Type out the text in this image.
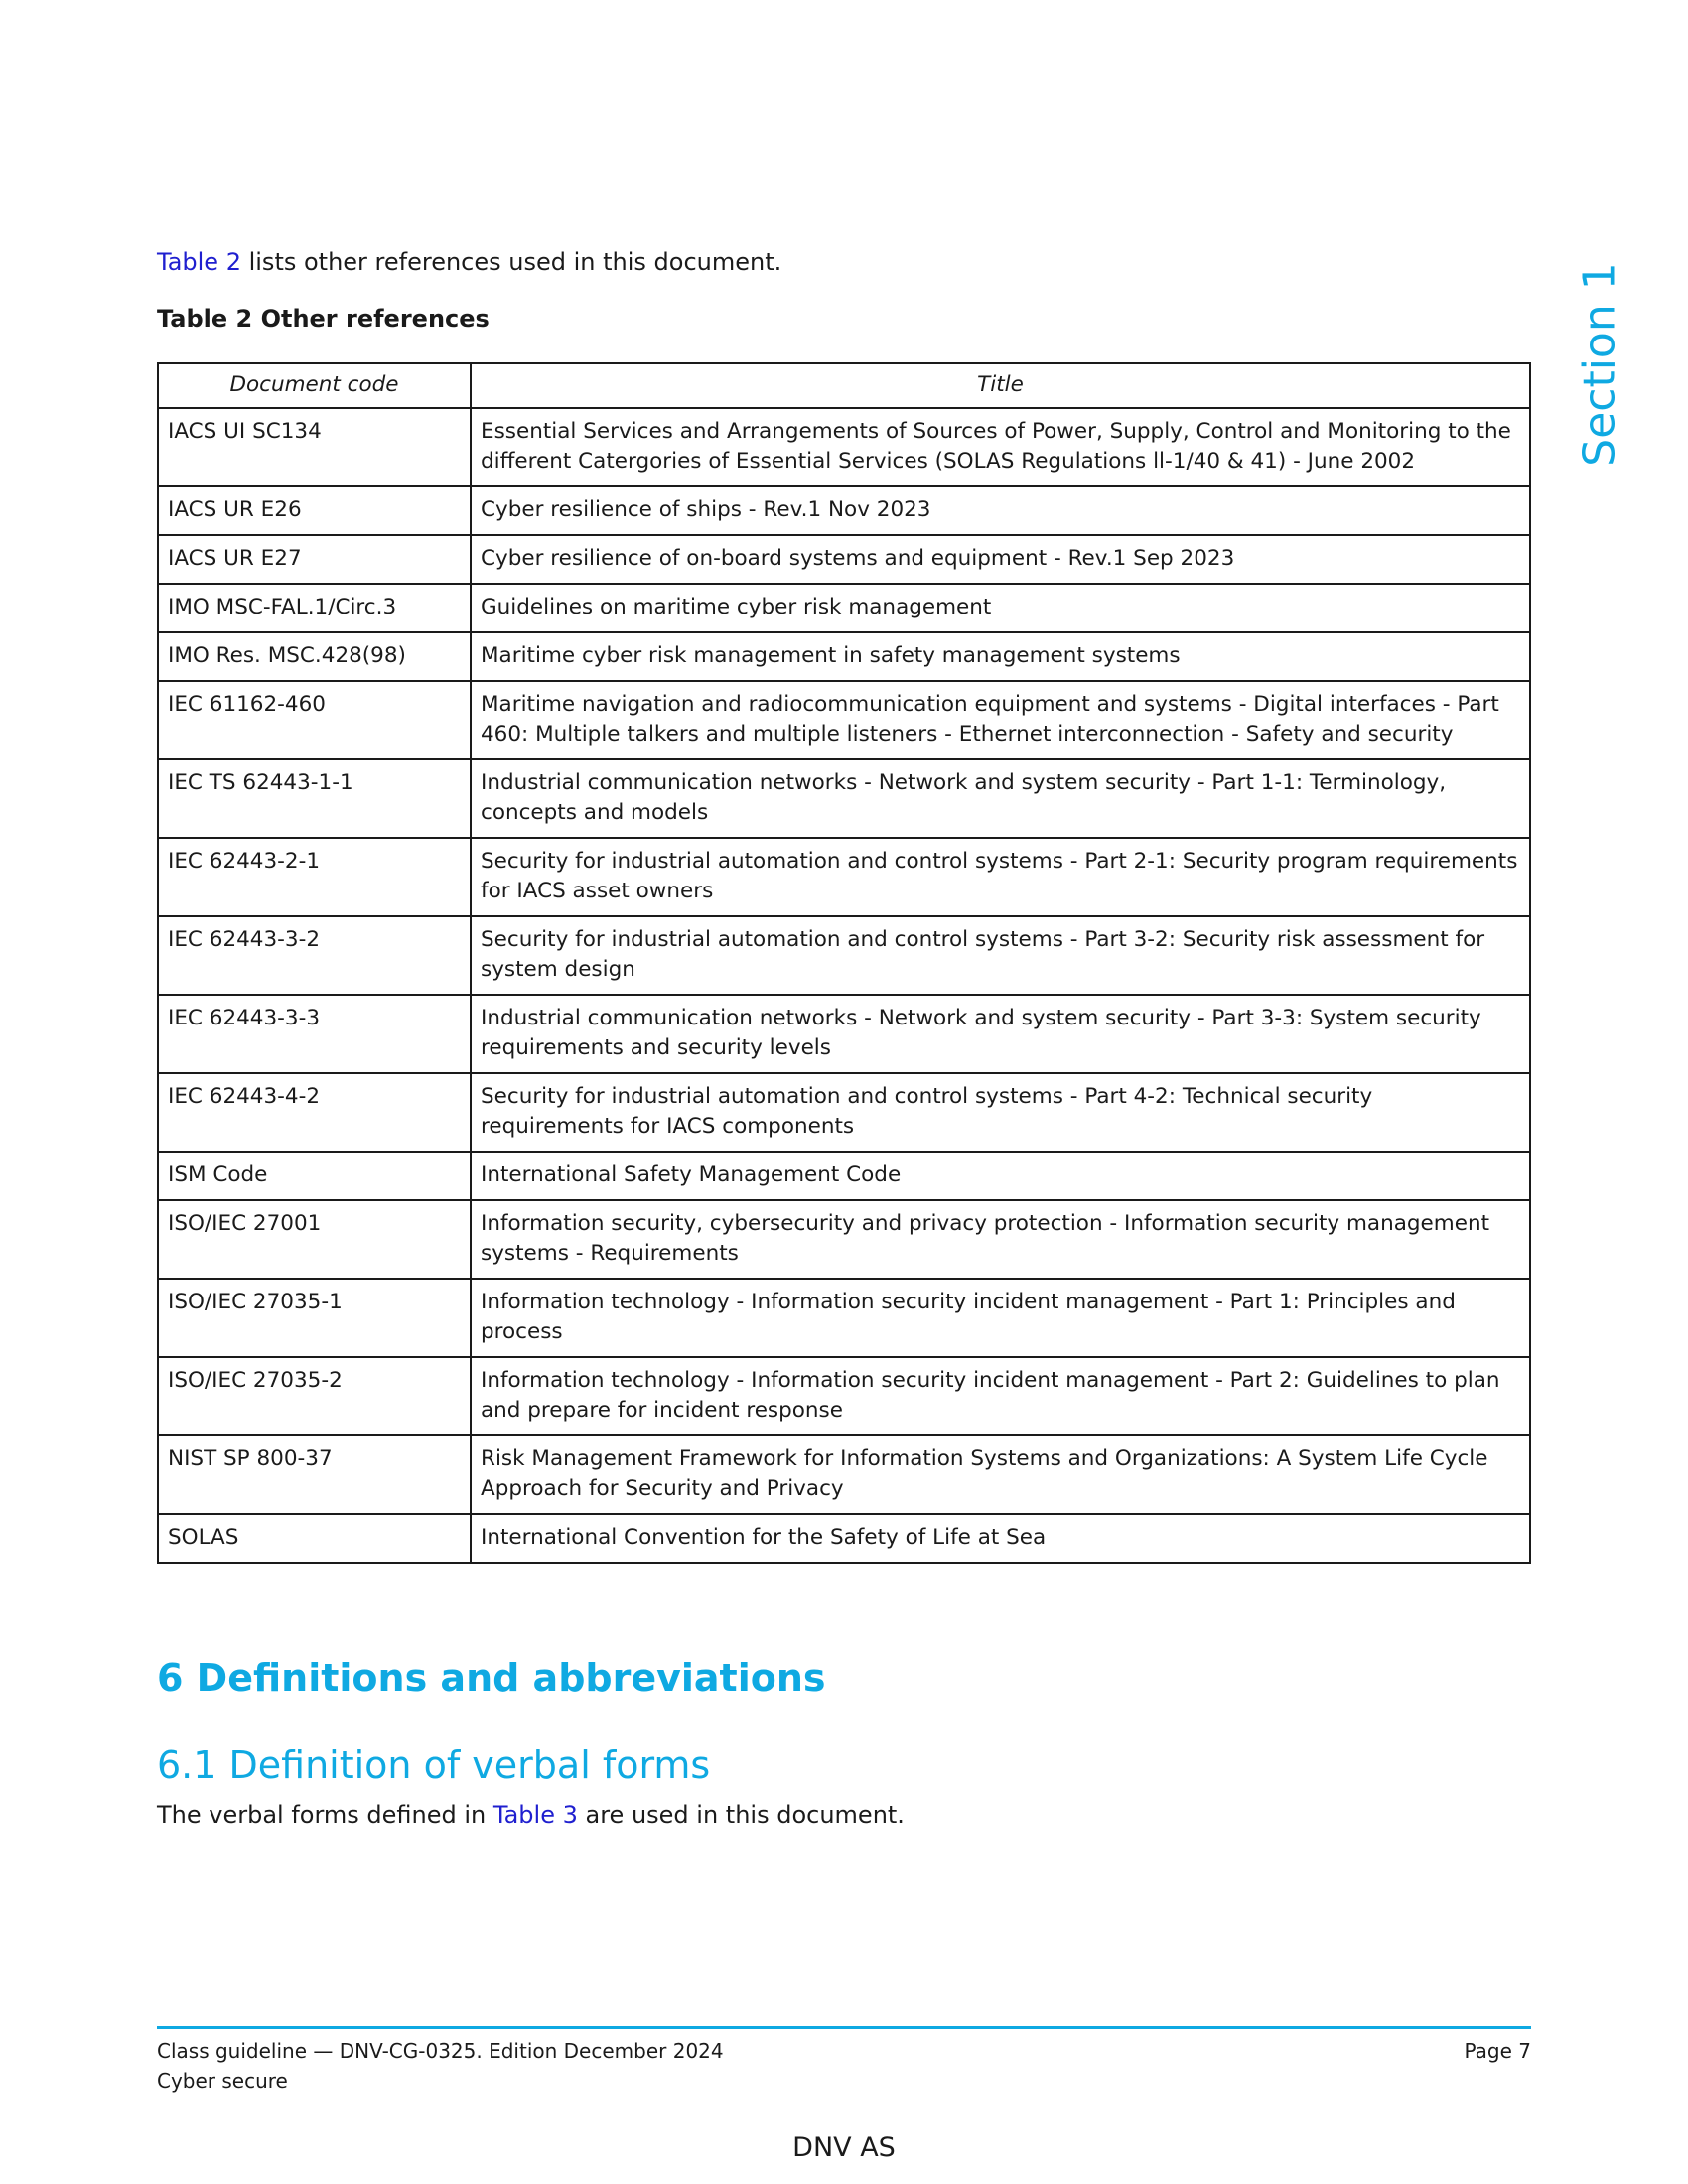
Table 2 lists other references used in this document.
Table 2 Other references	Section 1
Document code	Title
IACS UI SC134	Essential Services and Arrangements of Sources of Power, Supply, Control and Monitoring to the different Catergories of Essential Services (SOLAS Regulations ll-1/40 & 41) - June 2002
IACS UR E26	Cyber resilience of ships - Rev.1 Nov 2023
IACS UR E27	Cyber resilience of on-board systems and equipment - Rev.1 Sep 2023
IMO MSC-FAL.1/Circ.3	Guidelines on maritime cyber risk management
IMO Res. MSC.428(98)	Maritime cyber risk management in safety management systems
IEC 61162-460	Maritime navigation and radiocommunication equipment and systems - Digital interfaces - Part 460: Multiple talkers and multiple listeners - Ethernet interconnection - Safety and security
IEC TS 62443-1-1	Industrial communication networks - Network and system security - Part 1-1: Terminology, concepts and models
IEC 62443-2-1	Security for industrial automation and control systems - Part 2-1: Security program requirements for IACS asset owners
IEC 62443-3-2	Security for industrial automation and control systems - Part 3-2: Security risk assessment for system design
IEC 62443-3-3	Industrial communication networks - Network and system security - Part 3-3: System security requirements and security levels
IEC 62443-4-2	Security for industrial automation and control systems - Part 4-2: Technical security requirements for IACS components
ISM Code	International Safety Management Code
ISO/IEC 27001	Information security, cybersecurity and privacy protection - Information security management systems - Requirements
ISO/IEC 27035-1	Information technology - Information security incident management - Part 1: Principles and process
ISO/IEC 27035-2	Information technology - Information security incident management - Part 2: Guidelines to plan and prepare for incident response
NIST SP 800-37	Risk Management Framework for Information Systems and Organizations: A System Life Cycle Approach for Security and Privacy
SOLAS	International Convention for the Safety of Life at Sea
6 Definitions and abbreviations
6.1 Definition of verbal forms
The verbal forms defined in Table 3 are used in this document.
Class guideline — DNV-CG-0325. Edition December 2024
Cyber secure
Page 7
DNV AS
